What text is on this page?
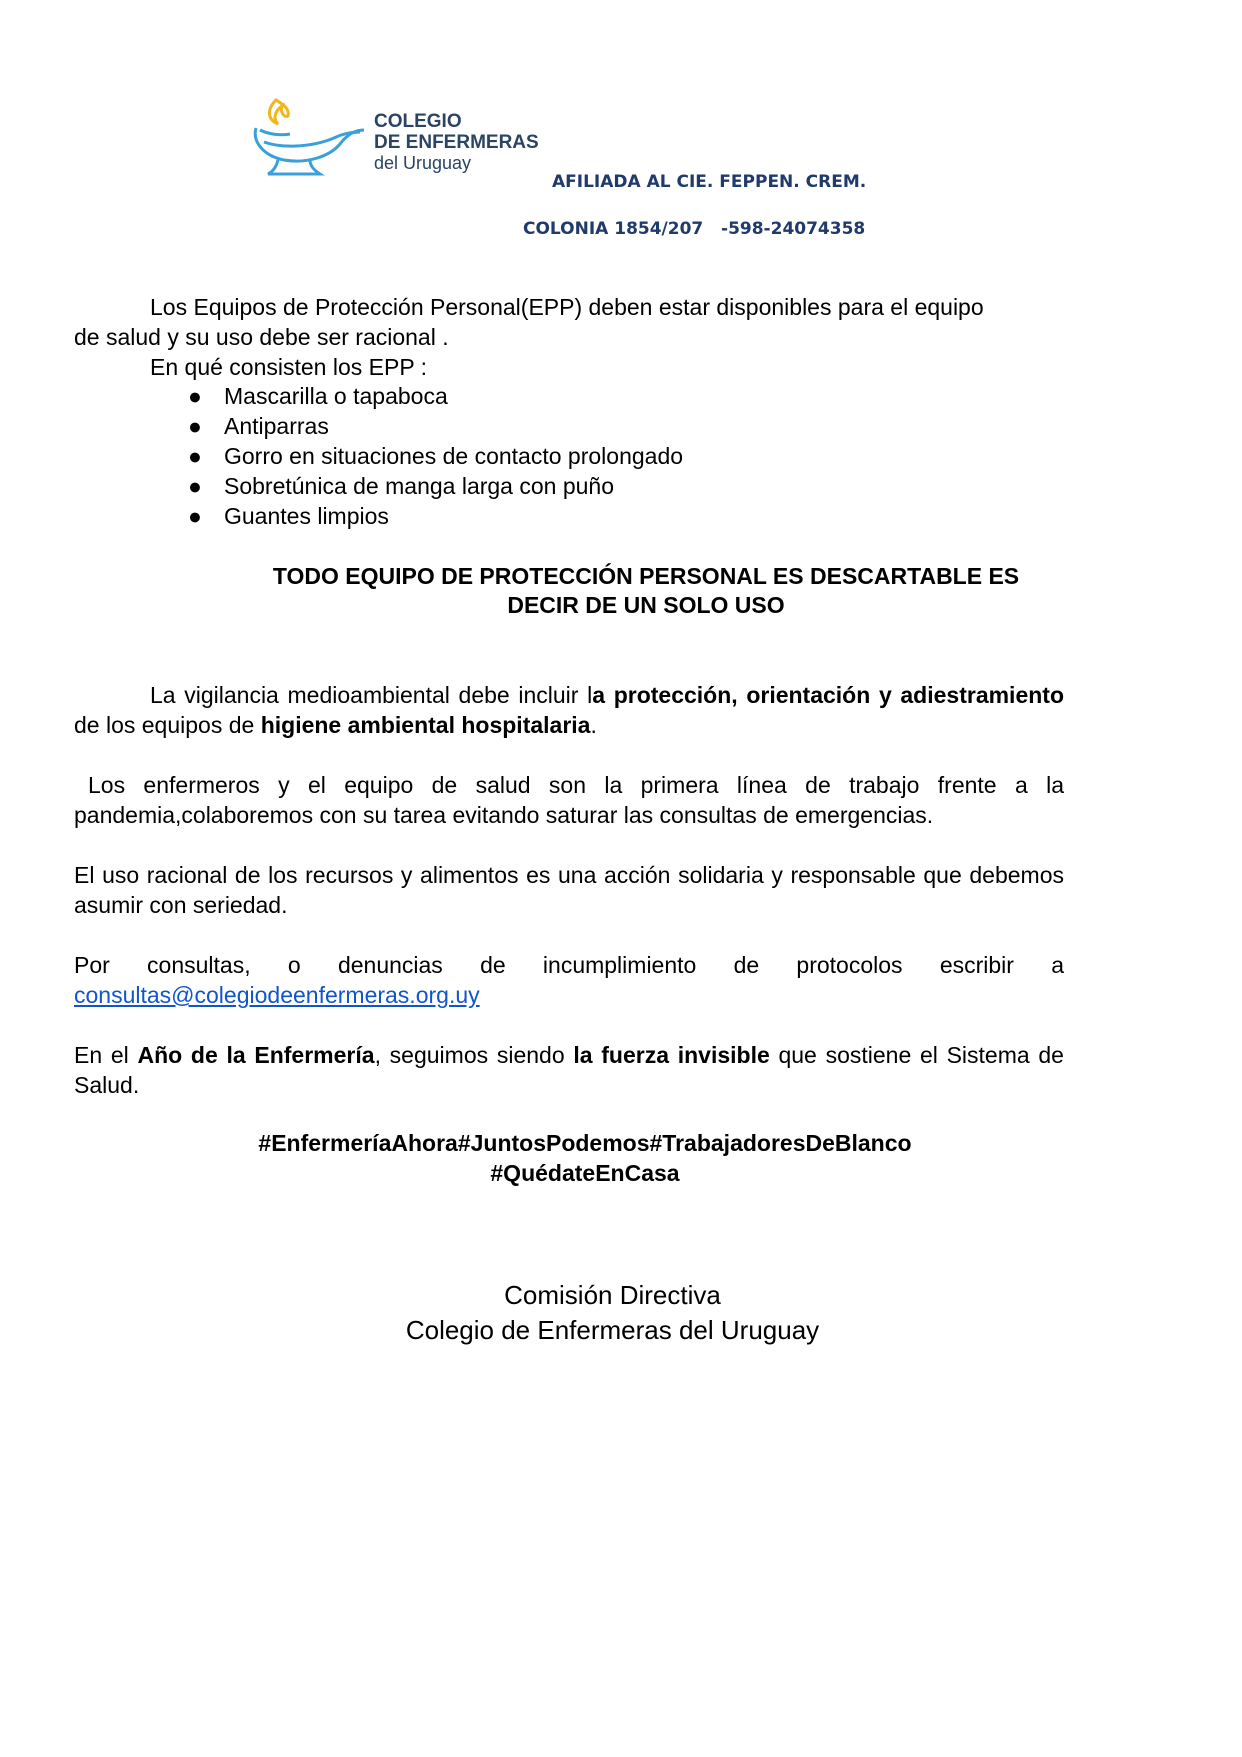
COLEGIO
DE ENFERMERAS
del Uruguay
AFILIADA AL CIE. FEPPEN. CREM.
COLONIA 1854/207 -598-24074358
Los Equipos de Protección Personal(EPP) deben estar disponibles para el equipo
de salud y su uso debe ser racional .
En qué consisten los EPP :
● Mascarilla o tapaboca
● Antiparras
● Gorro en situaciones de contacto prolongado
● Sobretúnica de manga larga con puño
● Guantes limpios
TODO EQUIPO DE PROTECCIÓN PERSONAL ES DESCARTABLE ES
DECIR DE UN SOLO USO
La vigilancia medioambiental debe incluir la protección, orientación y adiestramiento de los equipos de higiene ambiental hospitalaria.
Los enfermeros y el equipo de salud son la primera línea de trabajo frente a la pandemia,colaboremos con su tarea evitando saturar las consultas de emergencias.
El uso racional de los recursos y alimentos es una acción solidaria y responsable que debemos asumir con seriedad.
Por consultas, o denuncias de incumplimiento de protocolos escribir a
consultas@colegiodeenfermeras.org.uy
En el Año de la Enfermería, seguimos siendo la fuerza invisible que sostiene el Sistema de Salud.
#EnfermeríaAhora#JuntosPodemos#TrabajadoresDeBlanco
#QuédateEnCasa
Comisión Directiva
Colegio de Enfermeras del Uruguay
